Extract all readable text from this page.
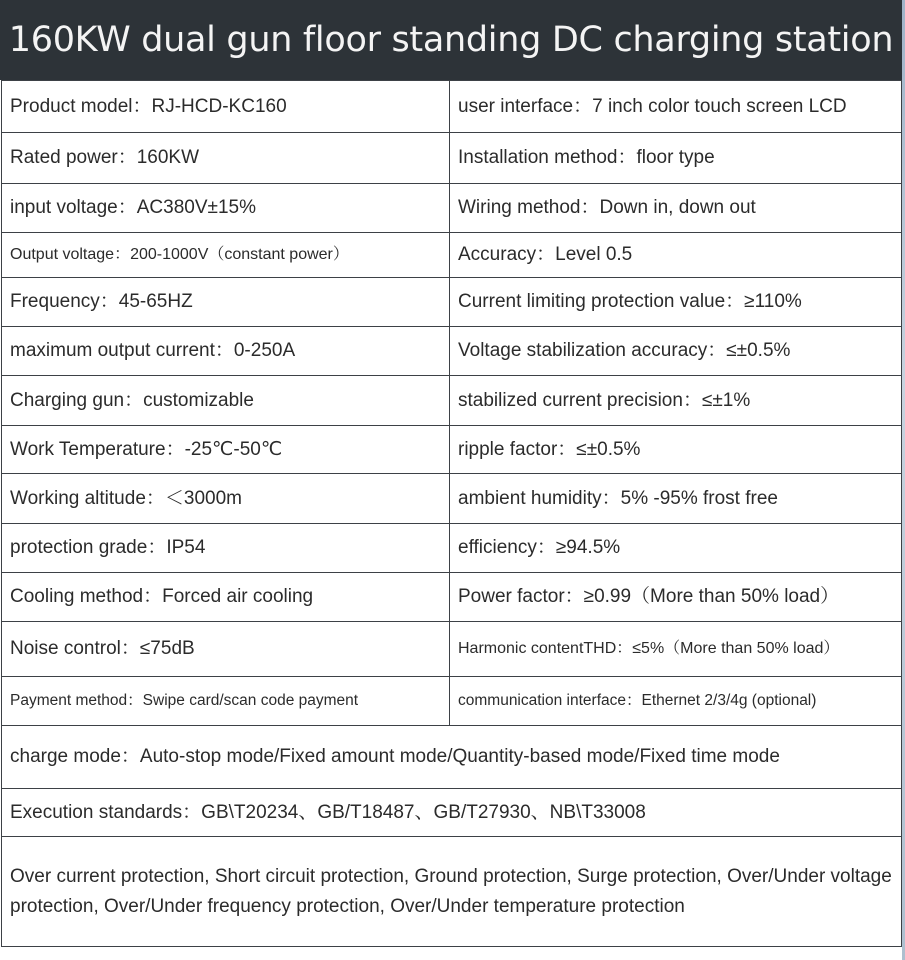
160KW dual gun floor standing DC charging station
Product model：RJ-HCD-KC160	user interface：7 inch color touch screen LCD
Rated power：160KW	Installation method：floor type
input voltage：AC380V±15%	Wiring method：Down in, down out
Output voltage：200-1000V（constant power）	Accuracy：Level 0.5
Frequency：45-65HZ	Current limiting protection value：≥110%
maximum output current：0-250A	Voltage stabilization accuracy：≤±0.5%
Charging gun：customizable	stabilized current precision：≤±1%
Work Temperature：-25℃-50℃	ripple factor：≤±0.5%
Working altitude：＜3000m	ambient humidity：5% -95% frost free
protection grade：IP54	efficiency：≥94.5%
Cooling method：Forced air cooling	Power factor：≥0.99（More than 50% load）
Noise control：≤75dB	Harmonic contentTHD：≤5%（More than 50% load）
Payment method：Swipe card/scan code payment	communication interface：Ethernet 2/3/4g (optional)
charge mode：Auto-stop mode/Fixed amount mode/Quantity-based mode/Fixed time mode	
Execution standards：GB\T20234、GB/T18487、GB/T27930、NB\T33008	
Over current protection, Short circuit protection, Ground protection, Surge protection, Over/Under voltage protection, Over/Under frequency protection, Over/Under temperature protection	
